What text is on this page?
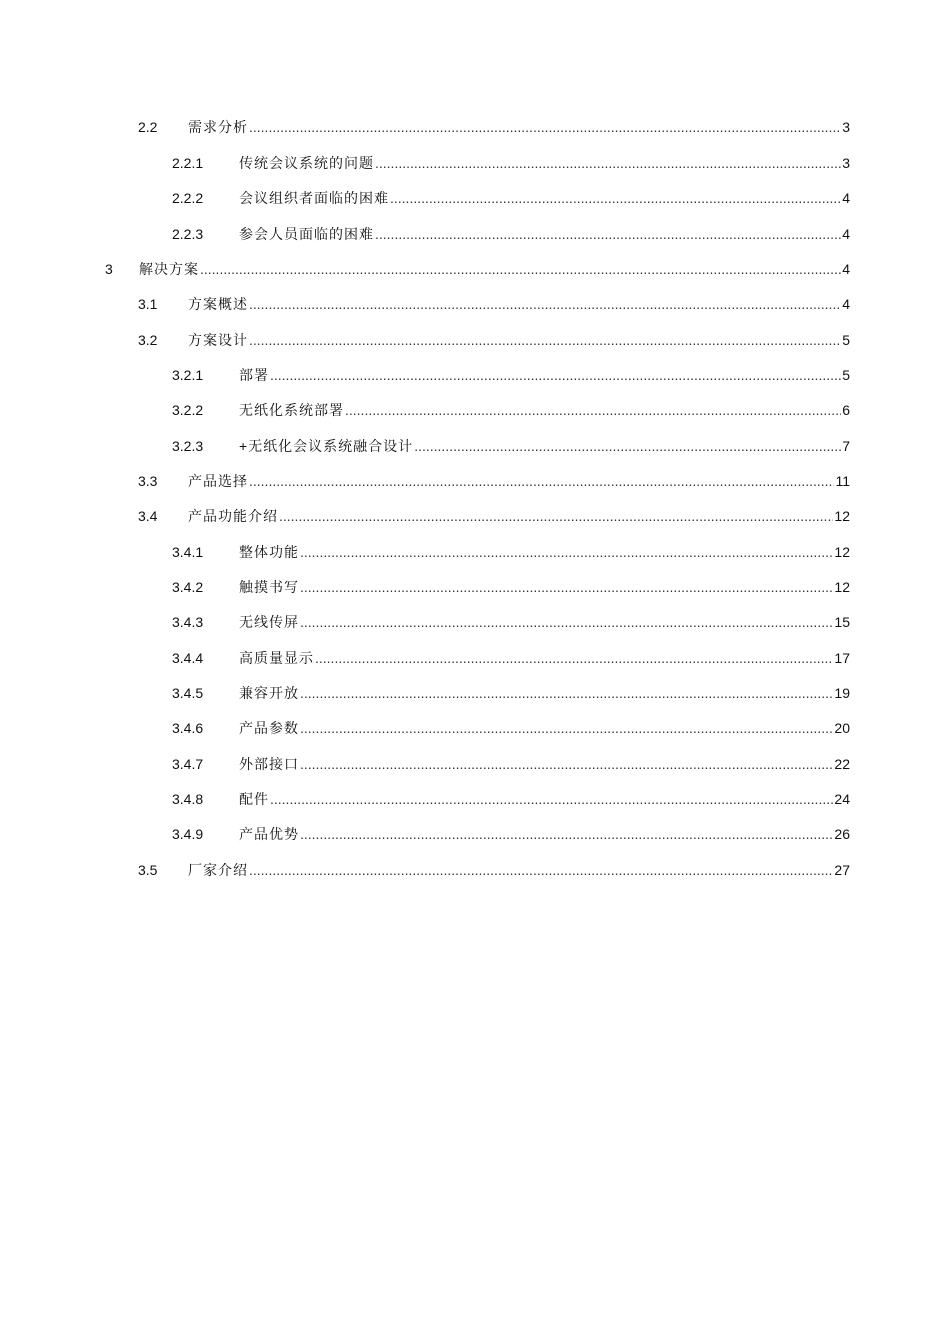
2.2	需求分析 .....	3
2.2.1	传统会议系统的问题 .....	3
2.2.2	会议组织者面临的困难 .....	4
2.2.3	参会人员面临的困难 .....	4
3	解决方案 .....	4
3.1	方案概述 .....	4
3.2	方案设计 .....	5
3.2.1	部署 .....	5
3.2.2	无纸化系统部署 .....	6
3.2.3	+无纸化会议系统融合设计 .....	7
3.3	产品选择 .....	11
3.4	产品功能介绍 .....	12
3.4.1	整体功能 .....	12
3.4.2	触摸书写 .....	12
3.4.3	无线传屏 .....	15
3.4.4	高质量显示 .....	17
3.4.5	兼容开放 .....	19
3.4.6	产品参数 .....	20
3.4.7	外部接口 .....	22
3.4.8	配件 .....	24
3.4.9	产品优势 .....	26
3.5	厂家介绍 .....	27
